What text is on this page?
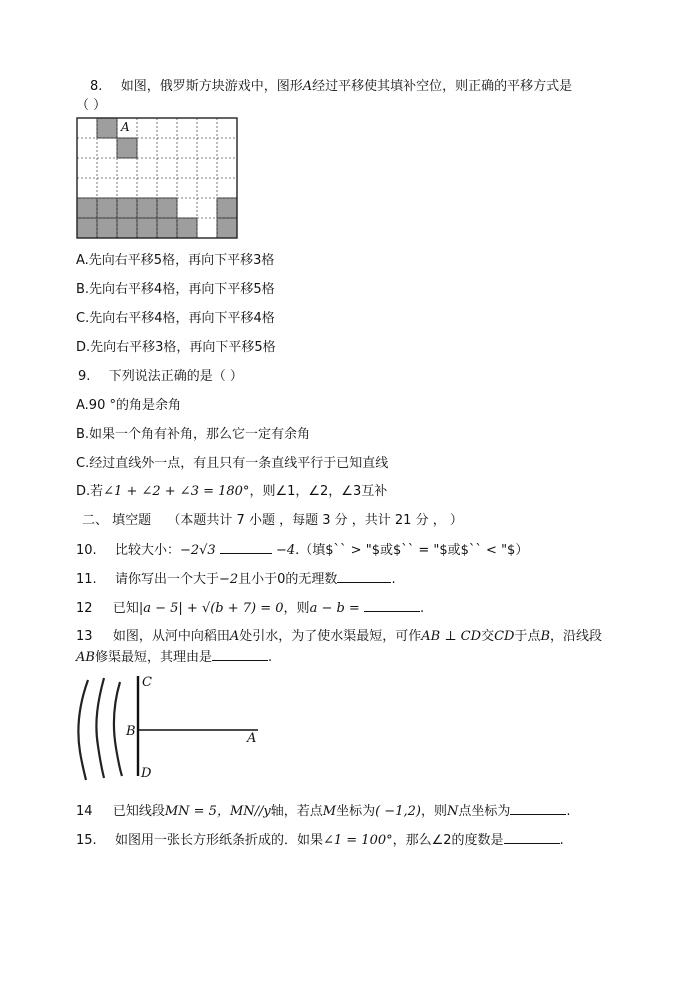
8. 如图，俄罗斯方块游戏中，图形A经过平移使其填补空位，则正确的平移方式是
（ ）
A
A.先向右平移5格，再向下平移3格
B.先向右平移4格，再向下平移5格
C.先向右平移4格，再向下平移4格
D.先向右平移3格，再向下平移5格
9. 下列说法正确的是（ ）
A.90 °的角是余角
B.如果一个角有补角，那么它一定有余角
C.经过直线外一点，有且只有一条直线平行于已知直线
D.若∠1 + ∠2 + ∠3 = 180°，则∠1，∠2，∠3互补
二、 填空题 （本题共计 7 小题 ，每题 3 分 ，共计 21 分 ， ）
10. 比较大小：−2√3	−4.（填$`` > "$或$`` = "$或$`` < "$）
11. 请你写出一个大于−2且小于0的无理数	.
12 已知|a − 5| + √(b + 7) = 0，则a − b =	.
13 如图，从河中向稻田A处引水，为了使水渠最短，可作AB ⊥ CD交CD于点B，沿线段
AB修渠最短，其理由是	.
C
B	A
D
14 已知线段MN = 5，MN//y轴，若点M坐标为( −1,2)，则N点坐标为	.
15. 如图用一张长方形纸条折成的．如果∠1 = 100°，那么∠2的度数是	.
